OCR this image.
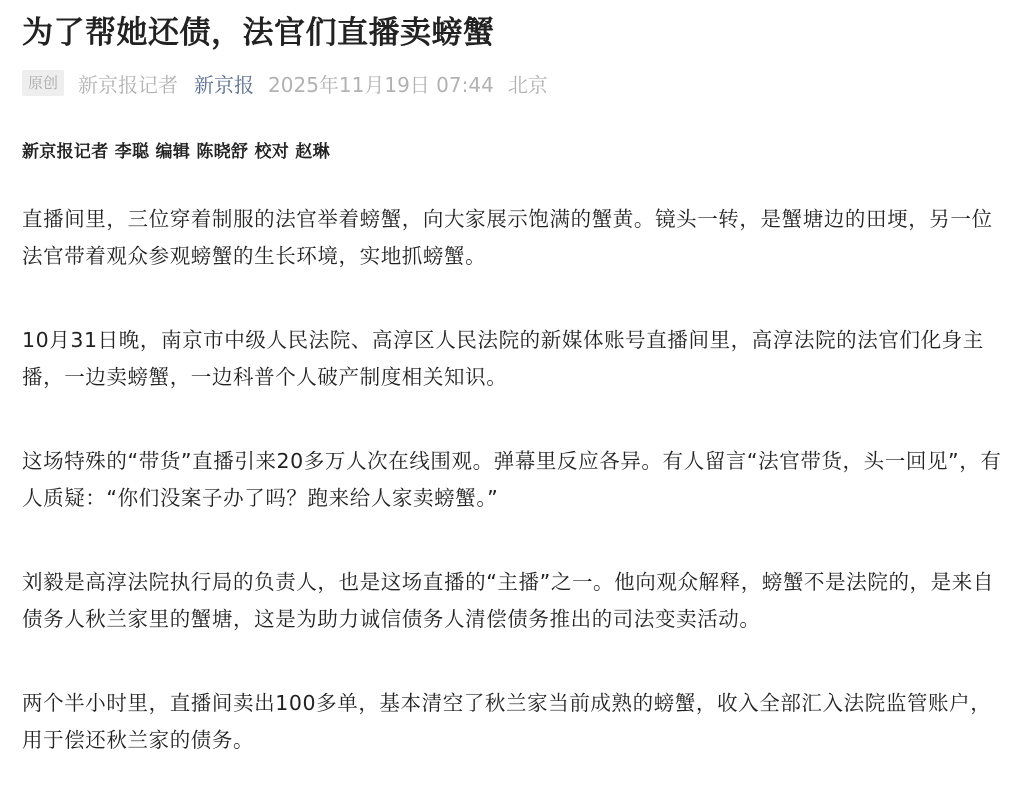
为了帮她还债，法官们直播卖螃蟹
原创	新京报记者 新京报 2025年11月19日 07:44 北京
新京报记者 李聪 编辑 陈晓舒 校对 赵琳

直播间里，三位穿着制服的法官举着螃蟹，向大家展示饱满的蟹黄。镜头一转，是蟹塘边的田埂，另一位法官带着观众参观螃蟹的生长环境，实地抓螃蟹。

10月31日晚，南京市中级人民法院、高淳区人民法院的新媒体账号直播间里，高淳法院的法官们化身主播，一边卖螃蟹，一边科普个人破产制度相关知识。

这场特殊的“带货”直播引来20多万人次在线围观。弹幕里反应各异。有人留言“法官带货，头一回见”，有人质疑：“你们没案子办了吗？跑来给人家卖螃蟹。”

刘毅是高淳法院执行局的负责人，也是这场直播的“主播”之一。他向观众解释，螃蟹不是法院的，是来自债务人秋兰家里的蟹塘，这是为助力诚信债务人清偿债务推出的司法变卖活动。

两个半小时里，直播间卖出100多单，基本清空了秋兰家当前成熟的螃蟹，收入全部汇入法院监管账户，用于偿还秋兰家的债务。
